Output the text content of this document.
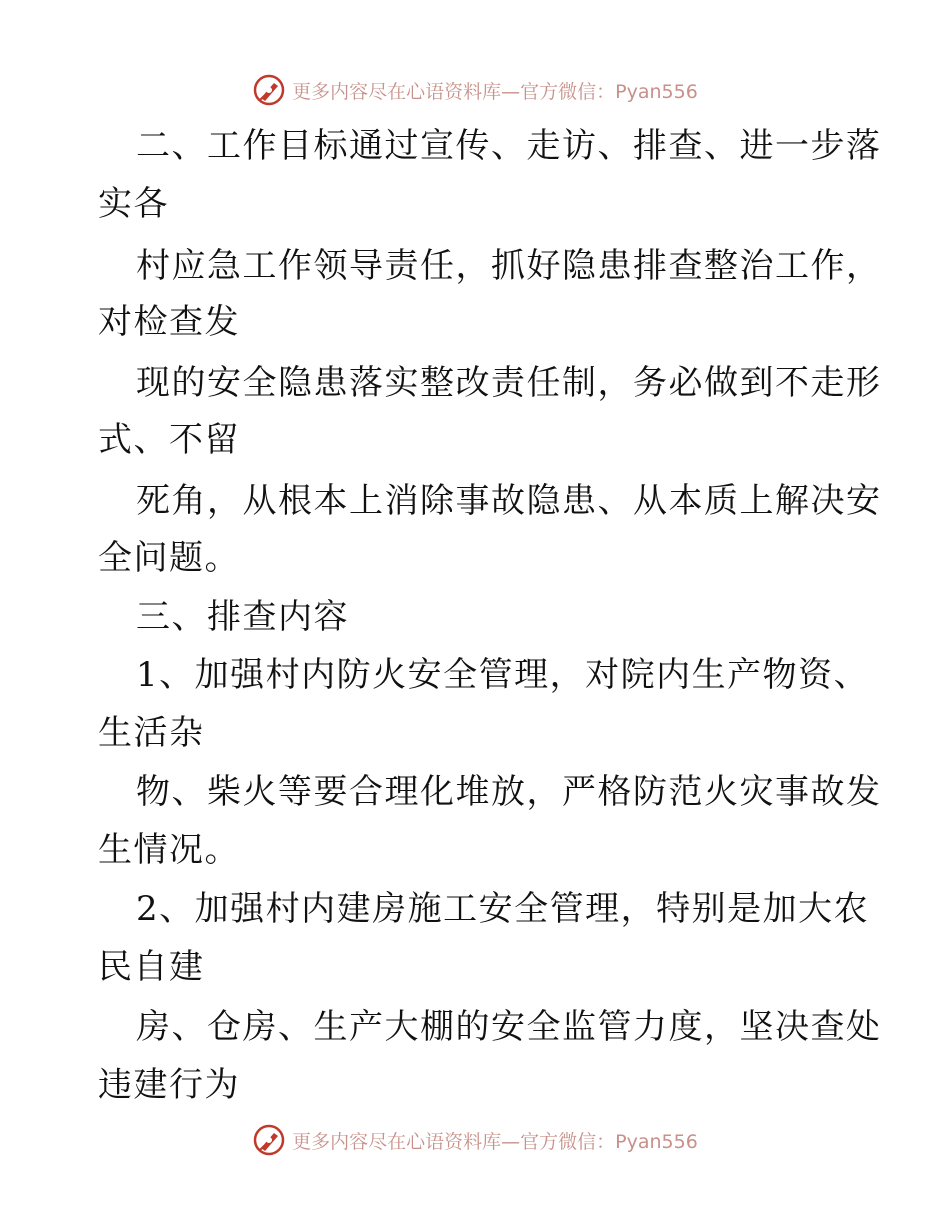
更多内容尽在心语资料库—官方微信：Pyan556
二、工作目标通过宣传、走访、排查、进一步落
实各
村应急工作领导责任，抓好隐患排查整治工作，
对检查发
现的安全隐患落实整改责任制，务必做到不走形
式、不留
死角，从根本上消除事故隐患、从本质上解决安
全问题。
三、排查内容
1、加强村内防火安全管理，对院内生产物资、
生活杂
物、柴火等要合理化堆放，严格防范火灾事故发
生情况。
2、加强村内建房施工安全管理，特别是加大农
民自建
房、仓房、生产大棚的安全监管力度，坚决查处
违建行为
更多内容尽在心语资料库—官方微信：Pyan556
